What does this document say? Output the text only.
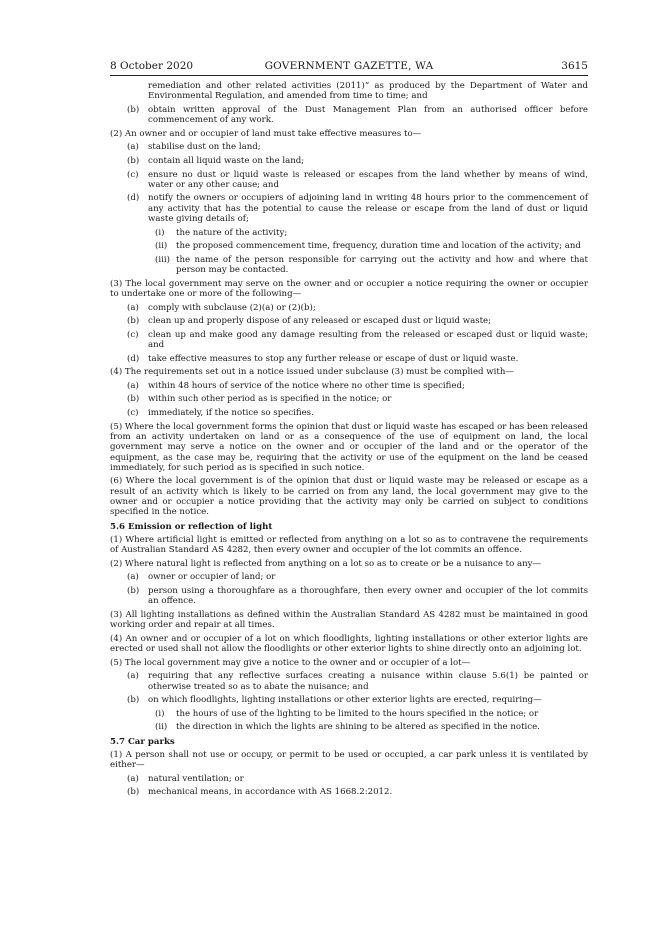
8 October 2020	GOVERNMENT GAZETTE, WA	3615

remediation and other related activities (2011)” as produced by the Department of Water and Environmental Regulation, and amended from time to time; and

(b) obtain written approval of the Dust Management Plan from an authorised officer before commencement of any work.

(2) An owner and or occupier of land must take effective measures to—

(a) stabilise dust on the land;

(b) contain all liquid waste on the land;

(c) ensure no dust or liquid waste is released or escapes from the land whether by means of wind, water or any other cause; and

(d) notify the owners or occupiers of adjoining land in writing 48 hours prior to the commencement of any activity that has the potential to cause the release or escape from the land of dust or liquid waste giving details of;

(i) the nature of the activity;

(ii) the proposed commencement time, frequency, duration time and location of the activity; and

(iii) the name of the person responsible for carrying out the activity and how and where that person may be contacted.

(3) The local government may serve on the owner and or occupier a notice requiring the owner or occupier to undertake one or more of the following—

(a) comply with subclause (2)(a) or (2)(b);

(b) clean up and properly dispose of any released or escaped dust or liquid waste;

(c) clean up and make good any damage resulting from the released or escaped dust or liquid waste; and

(d) take effective measures to stop any further release or escape of dust or liquid waste.

(4) The requirements set out in a notice issued under subclause (3) must be complied with—

(a) within 48 hours of service of the notice where no other time is specified;

(b) within such other period as is specified in the notice; or

(c) immediately, if the notice so specifies.

(5) Where the local government forms the opinion that dust or liquid waste has escaped or has been released from an activity undertaken on land or as a consequence of the use of equipment on land, the local government may serve a notice on the owner and or occupier of the land and or the operator of the equipment, as the case may be, requiring that the activity or use of the equipment on the land be ceased immediately, for such period as is specified in such notice.

(6) Where the local government is of the opinion that dust or liquid waste may be released or escape as a result of an activity which is likely to be carried on from any land, the local government may give to the owner and or occupier a notice providing that the activity may only be carried on subject to conditions specified in the notice.

5.6 Emission or reflection of light

(1) Where artificial light is emitted or reflected from anything on a lot so as to contravene the requirements of Australian Standard AS 4282, then every owner and occupier of the lot commits an offence.

(2) Where natural light is reflected from anything on a lot so as to create or be a nuisance to any—

(a) owner or occupier of land; or

(b) person using a thoroughfare as a thoroughfare, then every owner and occupier of the lot commits an offence.

(3) All lighting installations as defined within the Australian Standard AS 4282 must be maintained in good working order and repair at all times.

(4) An owner and or occupier of a lot on which floodlights, lighting installations or other exterior lights are erected or used shall not allow the floodlights or other exterior lights to shine directly onto an adjoining lot.

(5) The local government may give a notice to the owner and or occupier of a lot—

(a) requiring that any reflective surfaces creating a nuisance within clause 5.6(1) be painted or otherwise treated so as to abate the nuisance; and

(b) on which floodlights, lighting installations or other exterior lights are erected, requiring—

(i) the hours of use of the lighting to be limited to the hours specified in the notice; or

(ii) the direction in which the lights are shining to be altered as specified in the notice.

5.7 Car parks

(1) A person shall not use or occupy, or permit to be used or occupied, a car park unless it is ventilated by either—

(a) natural ventilation; or

(b) mechanical means, in accordance with AS 1668.2:2012.
